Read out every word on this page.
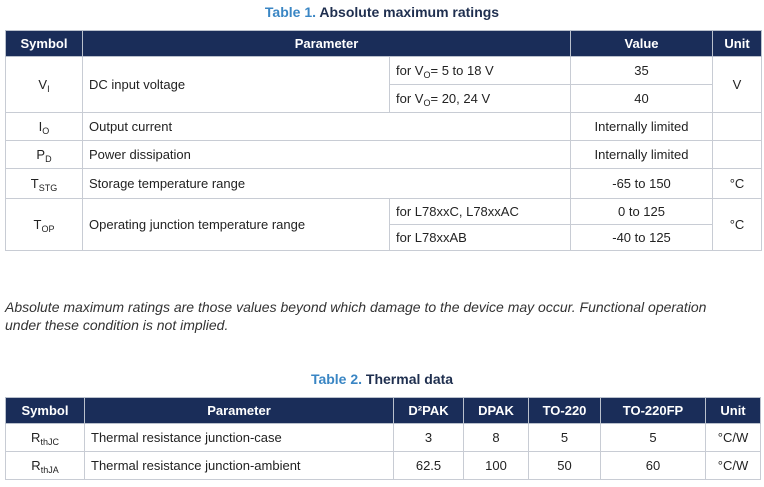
Table 1. Absolute maximum ratings
Symbol	Parameter		Value	Unit
$V_I$	DC input voltage	for $V_O= 5$ to 18 V	35	V
		for $V_O= 20$, 24 V	40	
$I_O$	Output current		Internally limited	
$P_D$	Power dissipation		Internally limited	
$T_{STG}$	Storage temperature range		-65 to 150	°C
$T_{OP}$	Operating junction temperature range	for L78xxC, L78xxAC	0 to 125	°C
		for L78xxAB	-40 to 125	
Absolute maximum ratings are those values beyond which damage to the device may occur. Functional operation under these condition is not implied.
Table 2. Thermal data
Symbol	Parameter	D²PAK	DPAK	TO-220	TO-220FP	Unit
$R_{thJC}$	Thermal resistance junction-case	3	8	5	5	°C/W
$R_{thJA}$	Thermal resistance junction-ambient	62.5	100	50	60	°C/W
